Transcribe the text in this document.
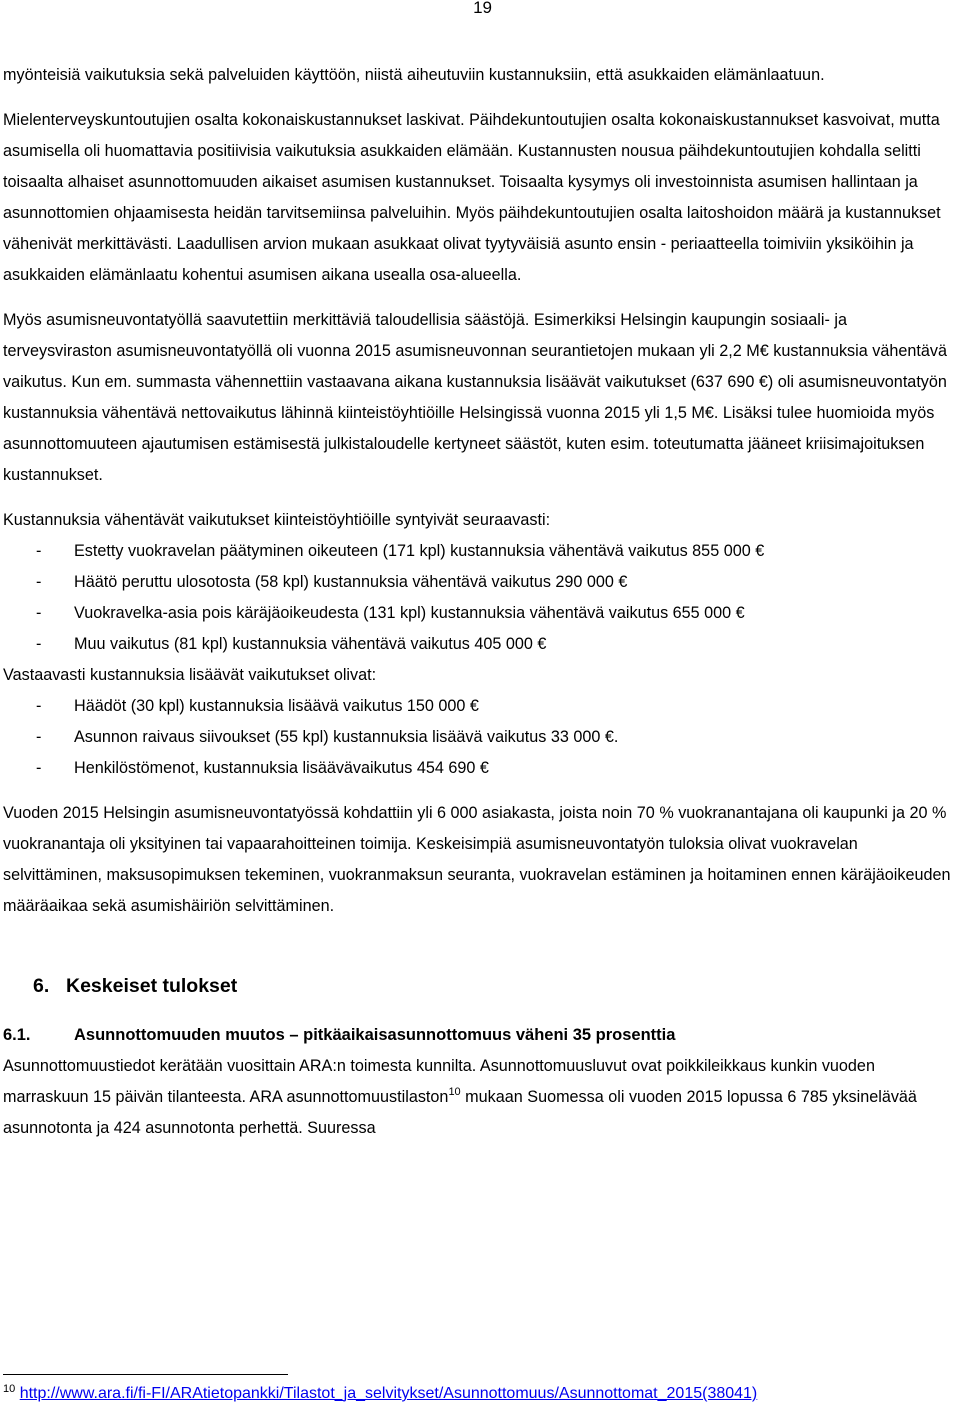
19

myönteisiä vaikutuksia sekä palveluiden käyttöön, niistä aiheutuviin kustannuksiin, että asukkaiden elämänlaatuun.

Mielenterveyskuntoutujien osalta kokonaiskustannukset laskivat. Päihdekuntoutujien osalta kokonaiskustannukset kasvoivat, mutta asumisella oli huomattavia positiivisia vaikutuksia asukkaiden elämään. Kustannusten nousua päihdekuntoutujien kohdalla selitti toisaalta alhaiset asunnottomuuden aikaiset asumisen kustannukset. Toisaalta kysymys oli investoinnista asumisen hallintaan ja asunnottomien ohjaamisesta heidän tarvitsemiinsa palveluihin. Myös päihdekuntoutujien osalta laitoshoidon määrä ja kustannukset vähenivät merkittävästi. Laadullisen arvion mukaan asukkaat olivat tyytyväisiä asunto ensin - periaatteella toimiviin yksiköihin ja asukkaiden elämänlaatu kohentui asumisen aikana usealla osa-alueella.

Myös asumisneuvontatyöllä saavutettiin merkittäviä taloudellisia säästöjä. Esimerkiksi Helsingin kaupungin sosiaali- ja terveysviraston asumisneuvontatyöllä oli vuonna 2015 asumisneuvonnan seurantietojen mukaan yli 2,2 M€ kustannuksia vähentävä vaikutus. Kun em. summasta vähennettiin vastaavana aikana kustannuksia lisäävät vaikutukset (637 690 €) oli asumisneuvontatyön kustannuksia vähentävä nettovaikutus lähinnä kiinteistöyhtiöille Helsingissä vuonna 2015 yli 1,5 M€. Lisäksi tulee huomioida myös asunnottomuuteen ajautumisen estämisestä julkistaloudelle kertyneet säästöt, kuten esim. toteutumatta jääneet kriisimajoituksen kustannukset.

Kustannuksia vähentävät vaikutukset kiinteistöyhtiöille syntyivät seuraavasti:

-	Estetty vuokravelan päätyminen oikeuteen (171 kpl) kustannuksia vähentävä vaikutus 855 000 €
-	Häätö peruttu ulosotosta (58 kpl) kustannuksia vähentävä vaikutus 290 000 €
-	Vuokravelka-asia pois käräjäoikeudesta (131 kpl) kustannuksia vähentävä vaikutus 655 000 €
-	Muu vaikutus (81 kpl) kustannuksia vähentävä vaikutus 405 000 €

Vastaavasti kustannuksia lisäävät vaikutukset olivat:

-	Häädöt (30 kpl) kustannuksia lisäävä vaikutus 150 000 €
-	Asunnon raivaus siivoukset (55 kpl) kustannuksia lisäävä vaikutus 33 000 €.
-	Henkilöstömenot, kustannuksia lisäävävaikutus 454 690 €

Vuoden 2015 Helsingin asumisneuvontatyössä kohdattiin yli 6 000 asiakasta, joista noin 70 % vuokranantajana oli kaupunki ja 20 % vuokranantaja oli yksityinen tai vapaarahoitteinen toimija. Keskeisimpiä asumisneuvontatyön tuloksia olivat vuokravelan selvittäminen, maksusopimuksen tekeminen, vuokranmaksun seuranta, vuokravelan estäminen ja hoitaminen ennen käräjäoikeuden määräaikaa sekä asumishäiriön selvittäminen.

6. Keskeiset tulokset
6.1.	Asunnottomuuden muutos – pitkäaikaisasunnottomuus väheni 35 prosenttia

Asunnottomuustiedot kerätään vuosittain ARA:n toimesta kunnilta. Asunnottomuusluvut ovat poikkileikkaus kunkin vuoden marraskuun 15 päivän tilanteesta. ARA asunnottomuustilaston$^{10}$ mukaan Suomessa oli vuoden 2015 lopussa 6 785 yksinelävää asunnotonta ja 424 asunnotonta perhettä. Suuressa

$^{10}$ http://www.ara.fi/fi-FI/ARAtietopankki/Tilastot_ja_selvitykset/Asunnottomuus/Asunnottomat_2015(38041)
